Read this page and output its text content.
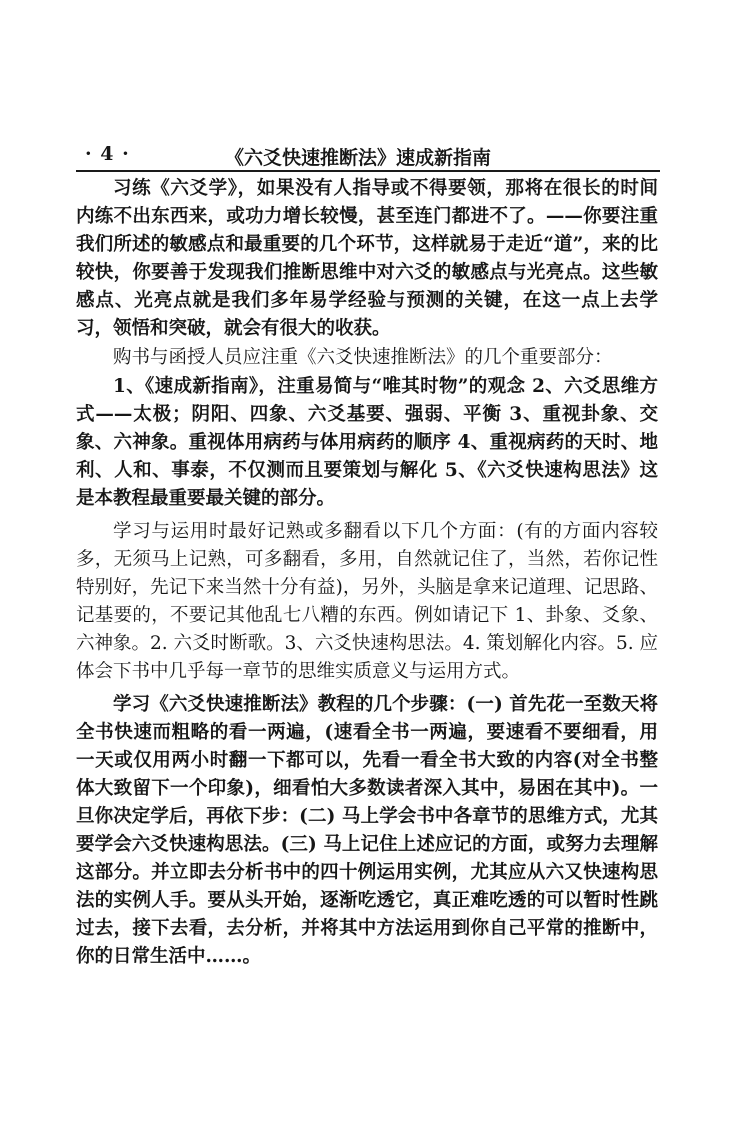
· 4 ·	《六爻快速推断法》速成新指南

习练《六爻学》，如果没有人指导或不得要领，那将在很长的时间内练不出东西来，或功力增长较慢，甚至连门都进不了。——你要注重我们所述的敏感点和最重要的几个环节，这样就易于走近“道”，来的比较快，你要善于发现我们推断思维中对六爻的敏感点与光亮点。这些敏感点、光亮点就是我们多年易学经验与预测的关键，在这一点上去学习，领悟和突破，就会有很大的收获。

购书与函授人员应注重《六爻快速推断法》的几个重要部分：

1、《速成新指南》，注重易简与“唯其时物”的观念 2、六爻思维方式——太极；阴阳、四象、六爻基要、强弱、平衡 3、重视卦象、交象、六神象。重视体用病药与体用病药的顺序 4、重视病药的天时、地利、人和、事泰，不仅测而且要策划与解化 5、《六爻快速构思法》这是本教程最重要最关键的部分。

学习与运用时最好记熟或多翻看以下几个方面：(有的方面内容较多，无须马上记熟，可多翻看，多用，自然就记住了，当然，若你记性特别好，先记下来当然十分有益)，另外，头脑是拿来记道理、记思路、记基要的，不要记其他乱七八糟的东西。例如请记下 1、卦象、爻象、六神象。2. 六爻时断歌。3、六爻快速构思法。4. 策划解化内容。5. 应体会下书中几乎每一章节的思维实质意义与运用方式。

学习《六爻快速推断法》教程的几个步骤：(一) 首先花一至数天将全书快速而粗略的看一两遍，(速看全书一两遍，要速看不要细看，用一天或仅用两小时翻一下都可以，先看一看全书大致的内容(对全书整体大致留下一个印象)，细看怕大多数读者深入其中，易困在其中)。一旦你决定学后，再依下步：(二) 马上学会书中各章节的思维方式，尤其要学会六爻快速构思法。(三) 马上记住上述应记的方面，或努力去理解这部分。并立即去分析书中的四十例运用实例，尤其应从六又快速构思法的实例人手。要从头开始，逐渐吃透它，真正难吃透的可以暂时性跳过去，接下去看，去分析，并将其中方法运用到你自己平常的推断中，你的日常生活中……。
